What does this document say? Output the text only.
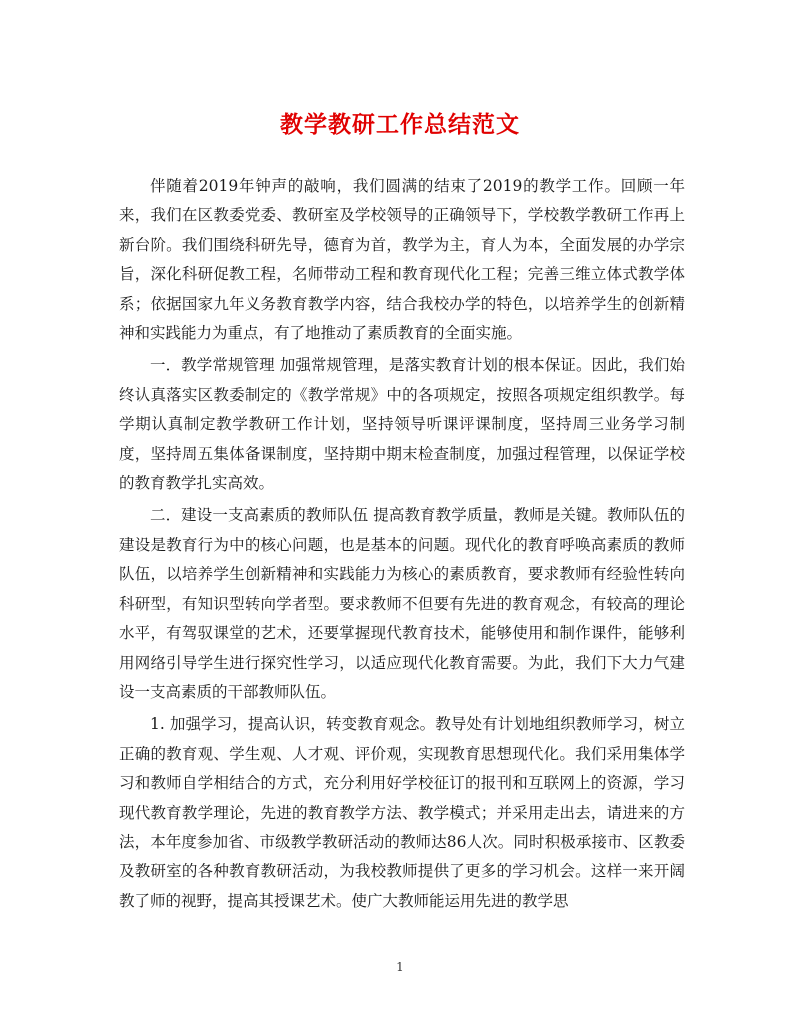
教学教研工作总结范文

伴随着2019年钟声的敲响，我们圆满的结束了2019的教学工作。回顾一年来，我们在区教委党委、教研室及学校领导的正确领导下，学校教学教研工作再上新台阶。我们围绕科研先导，德育为首，教学为主，育人为本，全面发展的办学宗旨，深化科研促教工程，名师带动工程和教育现代化工程；完善三维立体式教学体系；依据国家九年义务教育教学内容，结合我校办学的特色，以培养学生的创新精神和实践能力为重点，有了地推动了素质教育的全面实施。

一．教学常规管理 加强常规管理，是落实教育计划的根本保证。因此，我们始终认真落实区教委制定的《教学常规》中的各项规定，按照各项规定组织教学。每学期认真制定教学教研工作计划，坚持领导听课评课制度，坚持周三业务学习制度，坚持周五集体备课制度，坚持期中期末检查制度，加强过程管理，以保证学校的教育教学扎实高效。

二．建设一支高素质的教师队伍 提高教育教学质量，教师是关键。教师队伍的建设是教育行为中的核心问题，也是基本的问题。现代化的教育呼唤高素质的教师队伍，以培养学生创新精神和实践能力为核心的素质教育，要求教师有经验性转向科研型，有知识型转向学者型。要求教师不但要有先进的教育观念，有较高的理论水平，有驾驭课堂的艺术，还要掌握现代教育技术，能够使用和制作课件，能够利用网络引导学生进行探究性学习，以适应现代化教育需要。为此，我们下大力气建设一支高素质的干部教师队伍。

1. 加强学习，提高认识，转变教育观念。教导处有计划地组织教师学习，树立正确的教育观、学生观、人才观、评价观，实现教育思想现代化。我们采用集体学习和教师自学相结合的方式，充分利用好学校征订的报刊和互联网上的资源，学习现代教育教学理论，先进的教育教学方法、教学模式；并采用走出去，请进来的方法，本年度参加省、市级教学教研活动的教师达86人次。同时积极承接市、区教委及教研室的各种教育教研活动，为我校教师提供了更多的学习机会。这样一来开阔教了师的视野，提高其授课艺术。使广大教师能运用先进的教学思

1
